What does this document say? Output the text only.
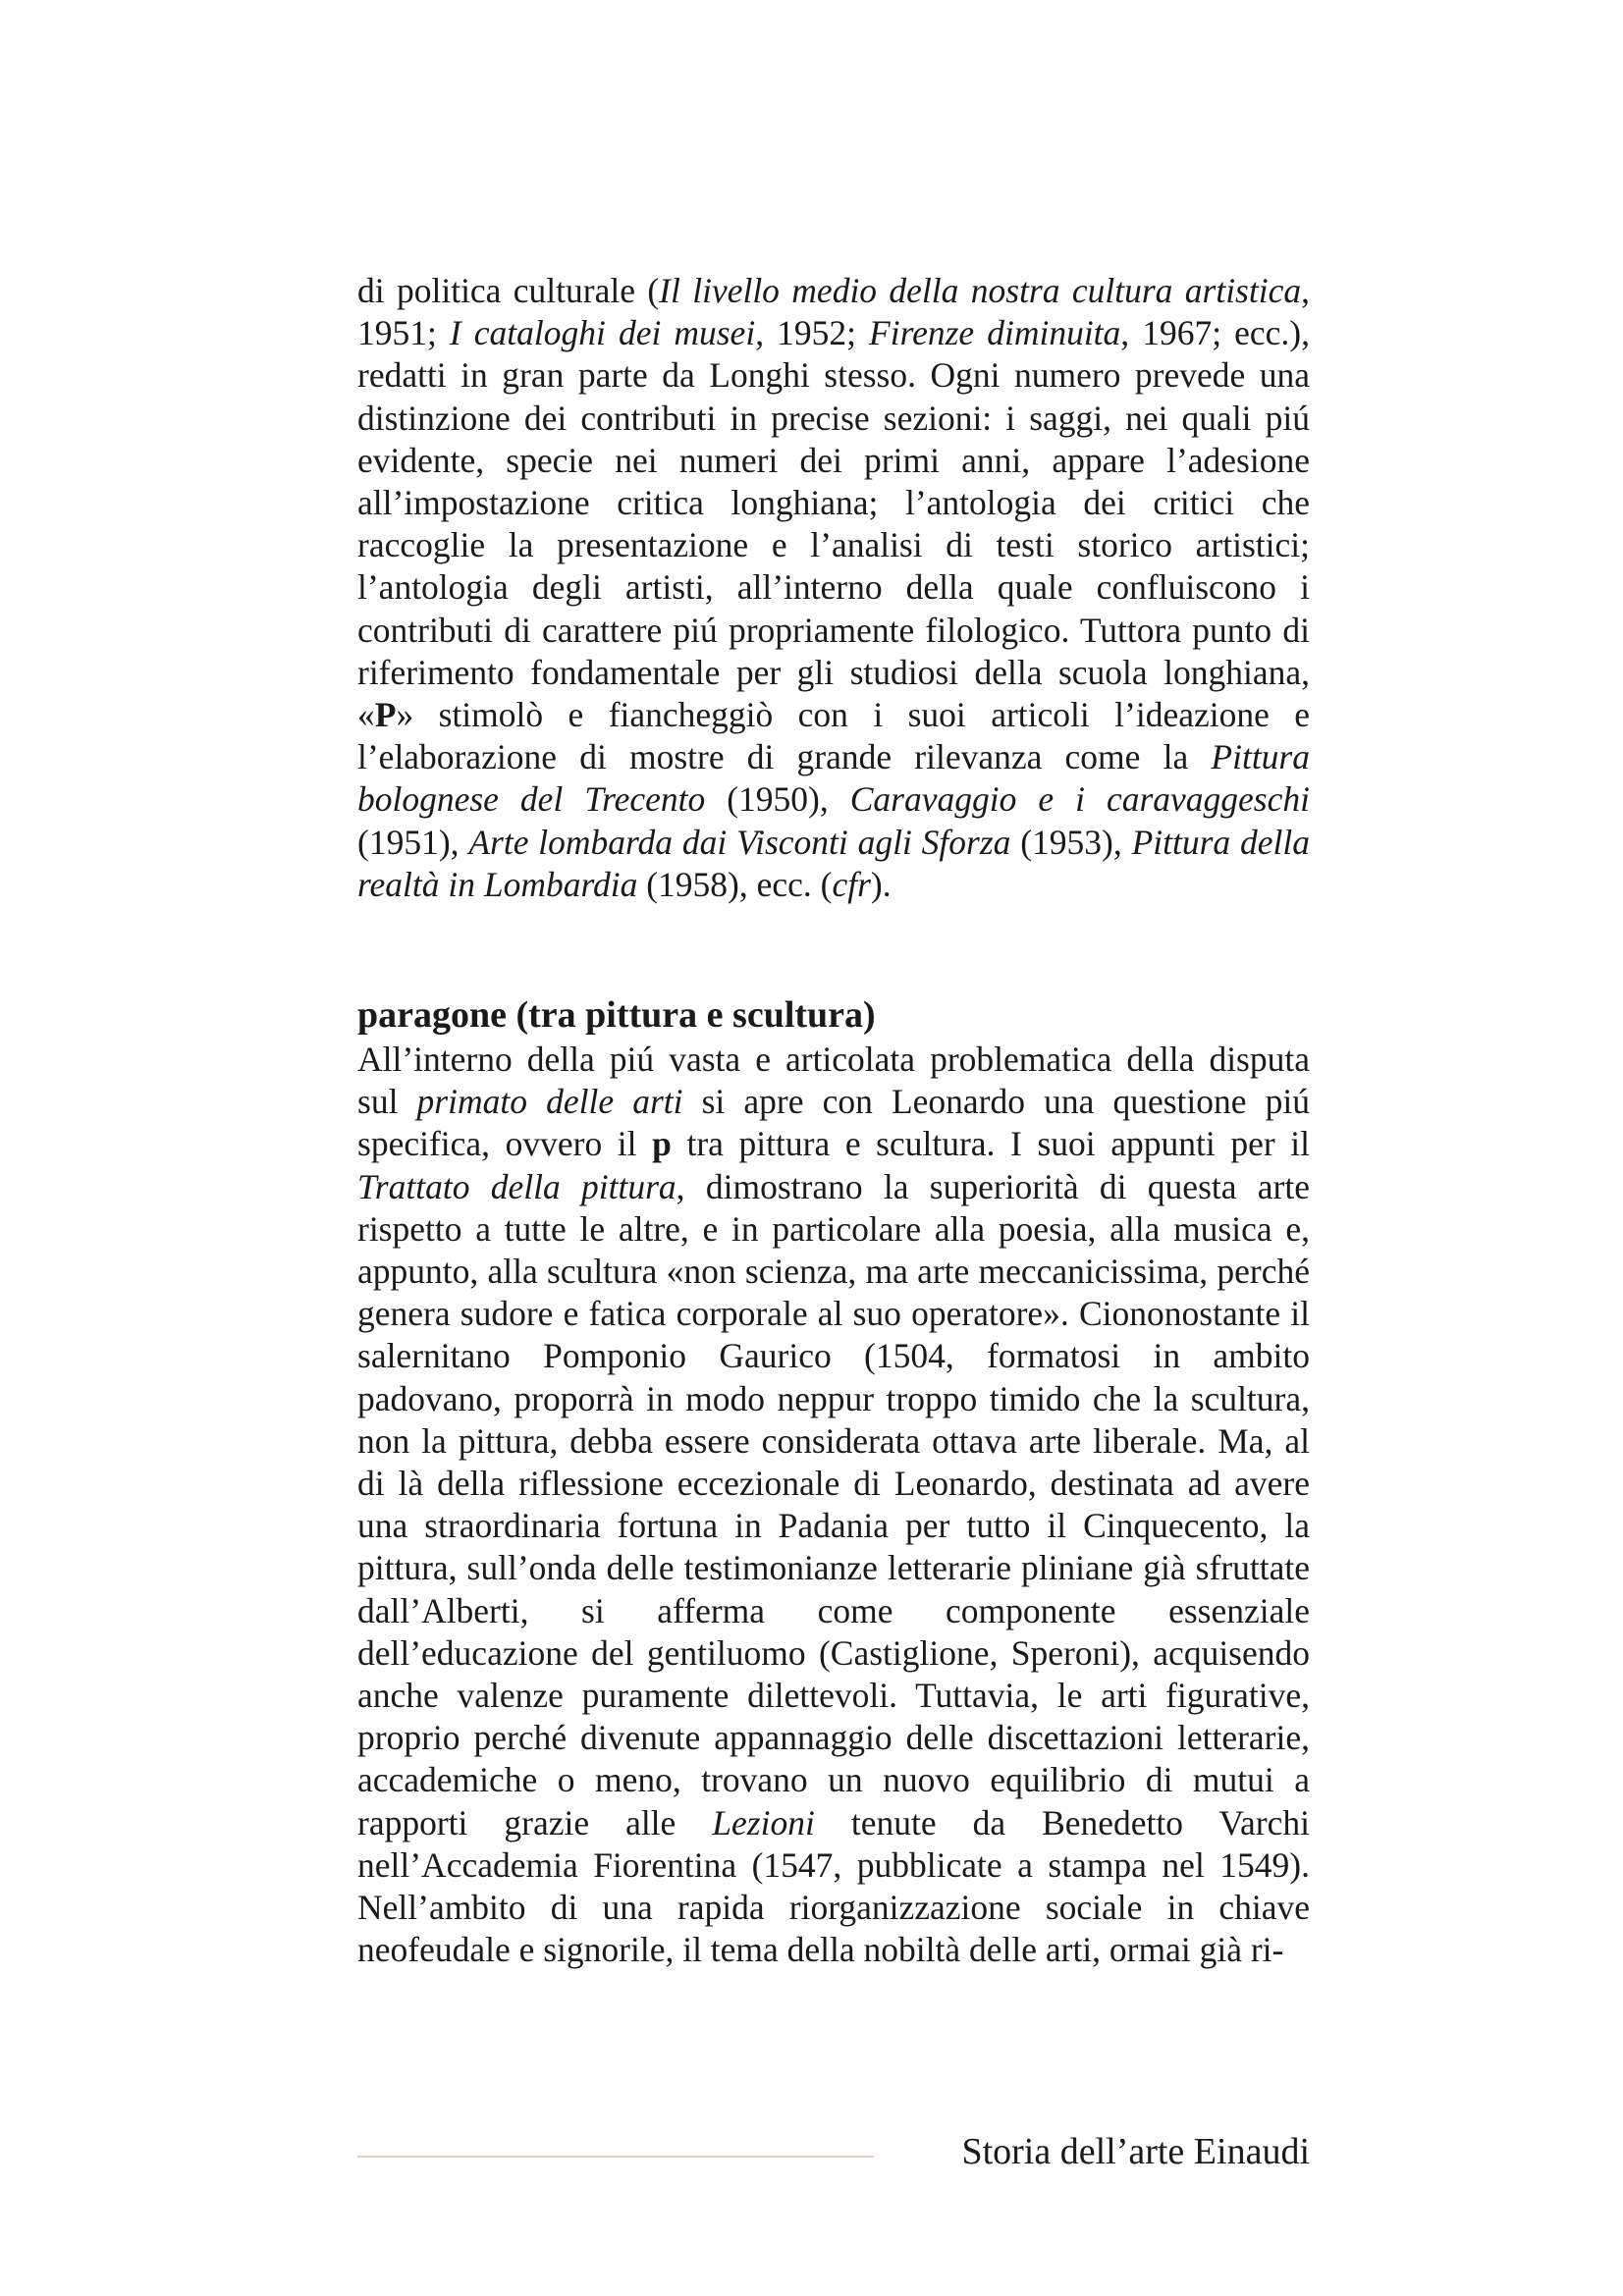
di politica culturale (Il livello medio della nostra cultura artistica, 1951; I cataloghi dei musei, 1952; Firenze diminuita, 1967; ecc.), redatti in gran parte da Longhi stesso. Ogni numero prevede una distinzione dei contributi in precise sezioni: i saggi, nei quali piú evidente, specie nei numeri dei primi anni, appare l’adesione all’impostazione critica longhiana; l’antologia dei critici che raccoglie la presentazione e l’analisi di testi storico artistici; l’antologia degli artisti, all’interno della quale confluiscono i contributi di carattere piú propriamente filologico. Tuttora punto di riferimento fondamentale per gli studiosi della scuola longhiana, «P» stimolò e fiancheggiò con i suoi articoli l’ideazione e l’elaborazione di mostre di grande rilevanza come la Pittura bolognese del Trecento (1950), Caravaggio e i caravaggeschi (1951), Arte lombarda dai Visconti agli Sforza (1953), Pittura della realtà in Lombardia (1958), ecc. (cfr).
paragone (tra pittura e scultura)
All’interno della piú vasta e articolata problematica della disputa sul primato delle arti si apre con Leonardo una questione piú specifica, ovvero il p tra pittura e scultura. I suoi appunti per il Trattato della pittura, dimostrano la superiorità di questa arte rispetto a tutte le altre, e in particolare alla poesia, alla musica e, appunto, alla scultura «non scienza, ma arte meccanicissima, perché genera sudore e fatica corporale al suo operatore». Ciononostante il salernitano Pomponio Gaurico (1504, formatosi in ambito padovano, proporrà in modo neppur troppo timido che la scultura, non la pittura, debba essere considerata ottava arte liberale. Ma, al di là della riflessione eccezionale di Leonardo, destinata ad avere una straordinaria fortuna in Padania per tutto il Cinquecento, la pittura, sull’onda delle testimonianze letterarie pliniane già sfruttate dall’Alberti, si afferma come componente essenziale dell’educazione del gentiluomo (Castiglione, Speroni), acquisendo anche valenze puramente dilettevoli. Tuttavia, le arti figurative, proprio perché divenute appannaggio delle discettazioni letterarie, accademiche o meno, trovano un nuovo equilibrio di mutui a rapporti grazie alle Lezioni tenute da Benedetto Varchi nell’Accademia Fiorentina (1547, pubblicate a stampa nel 1549). Nell’ambito di una rapida riorganizzazione sociale in chiave neofeudale e signorile, il tema della nobiltà delle arti, ormai già ri-
Storia dell’arte Einaudi
